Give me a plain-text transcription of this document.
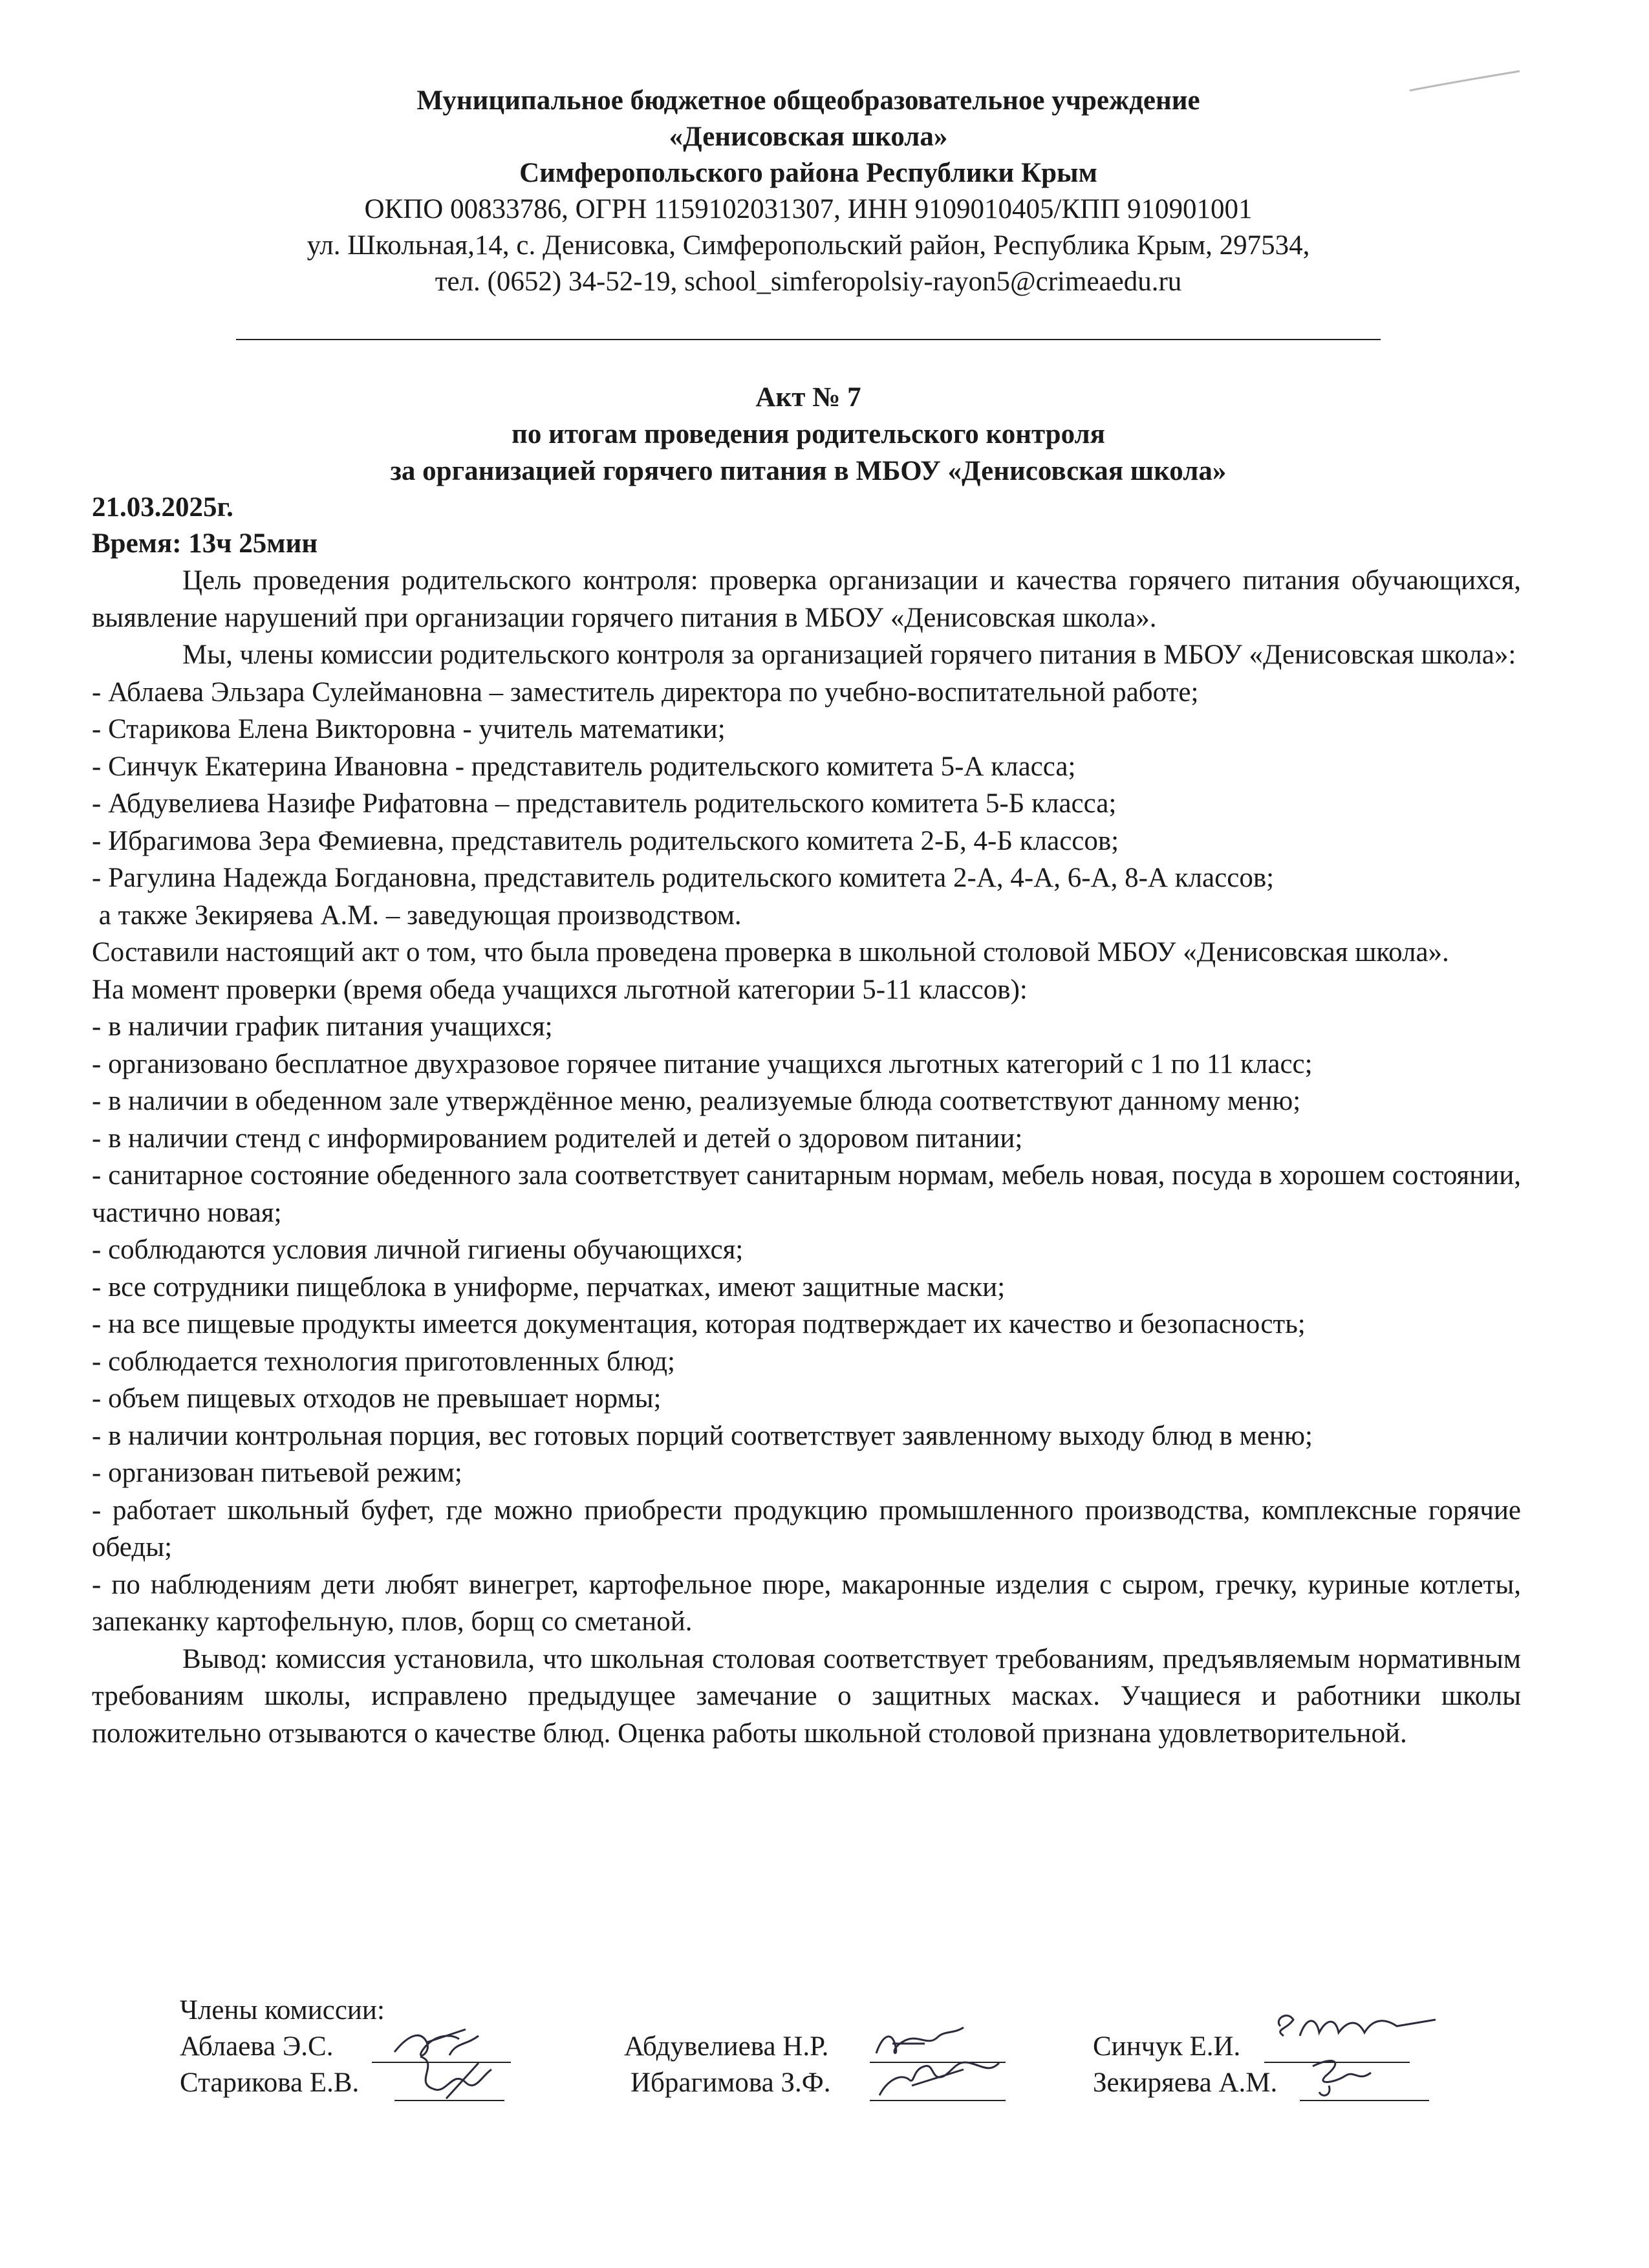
Муниципальное бюджетное общеобразовательное учреждение
«Денисовская школа»
Симферопольского района Республики Крым
ОКПО 00833786, ОГРН 1159102031307, ИНН 9109010405/КПП 910901001
ул. Школьная,14, с. Денисовка, Симферопольский район, Республика Крым, 297534,
тел. (0652) 34-52-19, school_simferopolsiy-rayon5@crimeaedu.ru
Акт № 7
по итогам проведения родительского контроля
за организацией горячего питания в МБОУ «Денисовская школа»
21.03.2025г.
Время: 13ч 25мин

Цель проведения родительского контроля: проверка организации и качества горячего питания обучающихся, выявление нарушений при организации горячего питания в МБОУ «Денисовская школа».

Мы, члены комиссии родительского контроля за организацией горячего питания в МБОУ «Денисовская школа»:

- Аблаева Эльзара Сулеймановна – заместитель директора по учебно-воспитательной работе;

- Старикова Елена Викторовна - учитель математики;

- Синчук Екатерина Ивановна - представитель родительского комитета 5-А класса;

- Абдувелиева Назифе Рифатовна – представитель родительского комитета 5-Б класса;

- Ибрагимова Зера Фемиевна, представитель родительского комитета 2-Б, 4-Б классов;

- Рагулина Надежда Богдановна, представитель родительского комитета 2-А, 4-А, 6-А, 8-А классов;

а также Зекиряева А.М. – заведующая производством.

Составили настоящий акт о том, что была проведена проверка в школьной столовой МБОУ «Денисовская школа».

На момент проверки (время обеда учащихся льготной категории 5-11 классов):

- в наличии график питания учащихся;

- организовано бесплатное двухразовое горячее питание учащихся льготных категорий с 1 по 11 класс;

- в наличии в обеденном зале утверждённое меню, реализуемые блюда соответствуют данному меню;

- в наличии стенд с информированием родителей и детей о здоровом питании;

- санитарное состояние обеденного зала соответствует санитарным нормам, мебель новая, посуда в хорошем состоянии, частично новая;

- соблюдаются условия личной гигиены обучающихся;

- все сотрудники пищеблока в униформе, перчатках, имеют защитные маски;

- на все пищевые продукты имеется документация, которая подтверждает их качество и безопасность;

- соблюдается технология приготовленных блюд;

- объем пищевых отходов не превышает нормы;

- в наличии контрольная порция, вес готовых порций соответствует заявленному выходу блюд в меню;

- организован питьевой режим;

- работает школьный буфет, где можно приобрести продукцию промышленного производства, комплексные горячие обеды;

- по наблюдениям дети любят винегрет, картофельное пюре, макаронные изделия с сыром, гречку, куриные котлеты, запеканку картофельную, плов, борщ со сметаной.

Вывод: комиссия установила, что школьная столовая соответствует требованиям, предъявляемым нормативным требованиям школы, исправлено предыдущее замечание о защитных масках. Учащиеся и работники школы положительно отзываются о качестве блюд. Оценка работы школьной столовой признана удовлетворительной.

Члены комиссии:
Аблаева Э.С.	Абдувелиева Н.Р.	Синчук Е.И.
Старикова Е.В.	Ибрагимова З.Ф.	Зекиряева А.М.
